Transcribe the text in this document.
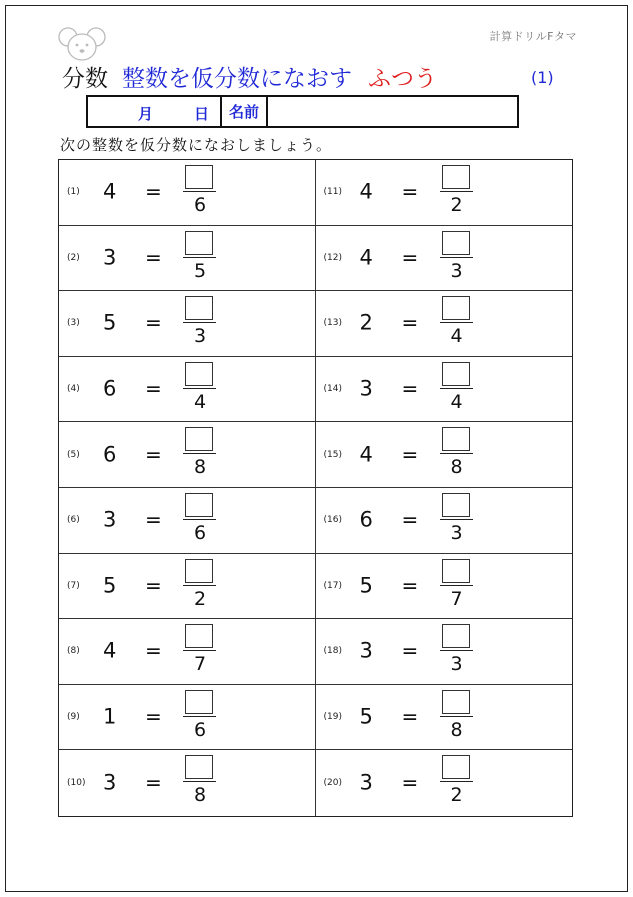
計算ドリルFタマ
分数 整数を仮分数になおす ふつう	(1)
月	日	名前
次の整数を仮分数になおしましょう。
(1) 4 =
6
(2) 3 =
5
(3) 5 =
3
(4) 6 =
4
(5) 6 =
8
(6) 3 =
6
(7) 5 =
2
(8) 4 =
7
(9) 1 =
6
(10) 3 =
8
(11) 4 =
2
(12) 4 =
3
(13) 2 =
4
(14) 3 =
4
(15) 4 =
8
(16) 6 =
3
(17) 5 =
7
(18) 3 =
3
(19) 5 =
8
(20) 3 =
2
